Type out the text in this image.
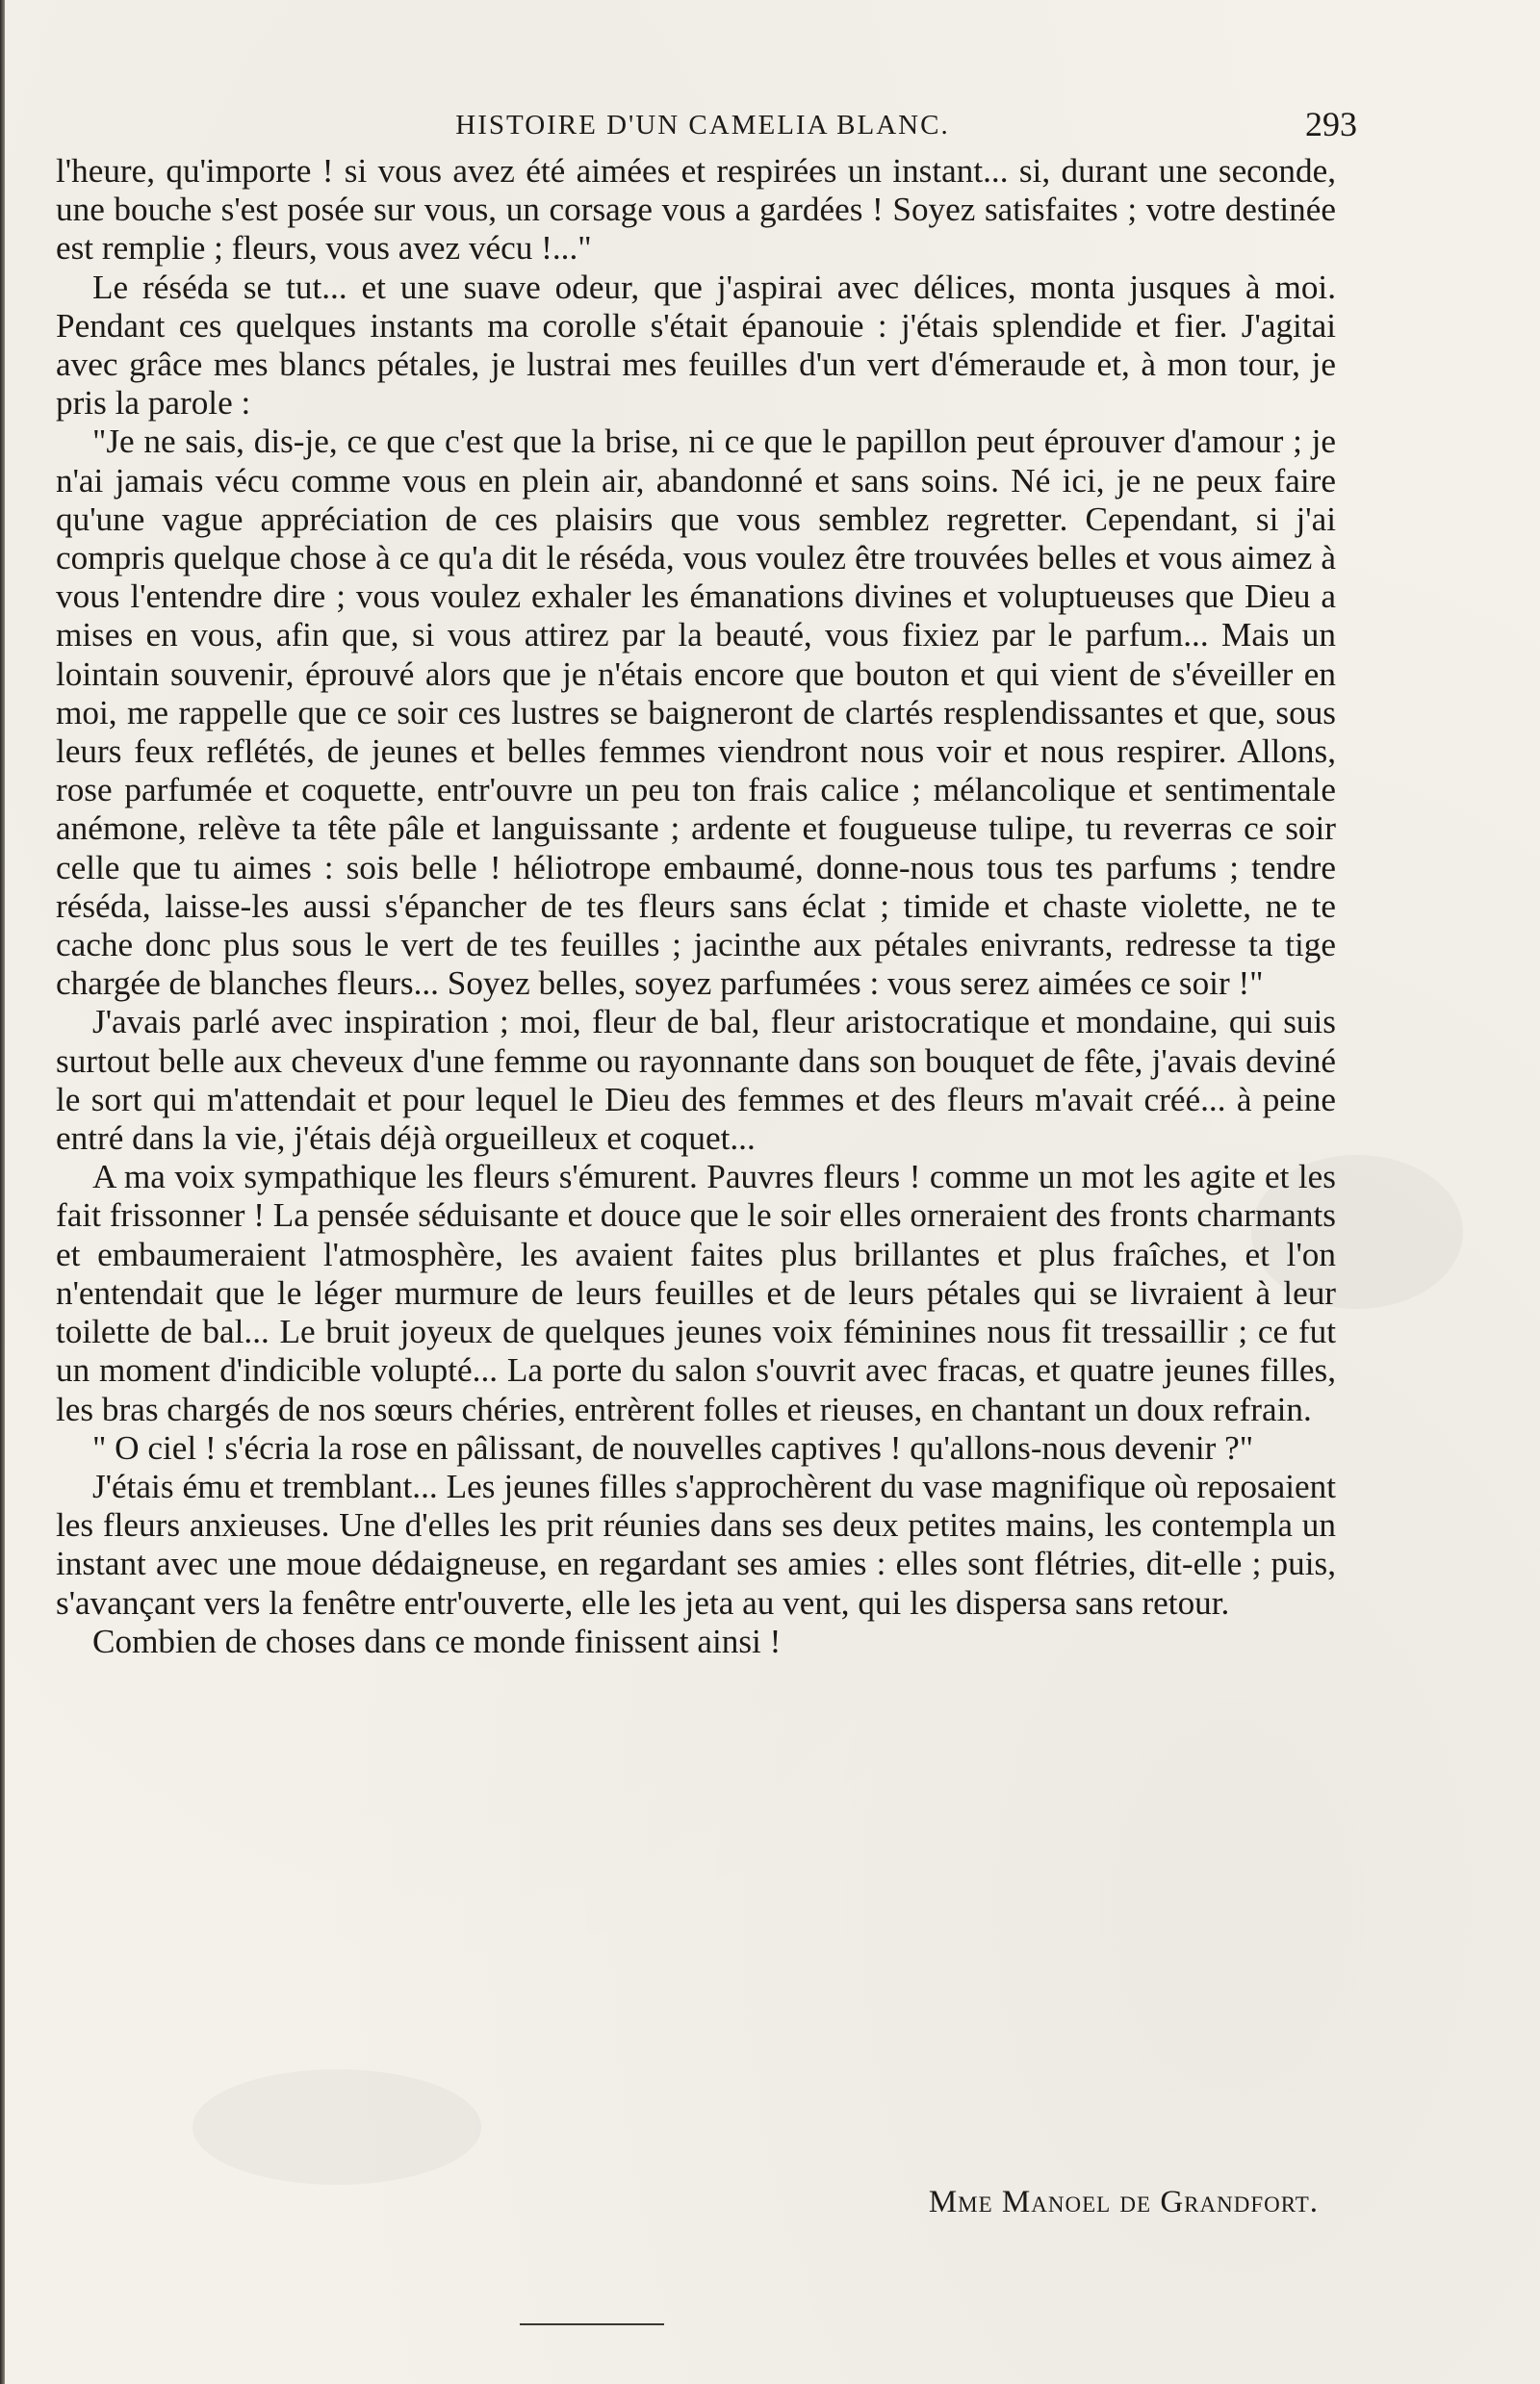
HISTOIRE D'UN CAMELIA BLANC.	293

l'heure, qu'importe ! si vous avez été aimées et respirées un instant... si, durant une seconde, une bouche s'est posée sur vous, un corsage vous a gardées ! Soyez satisfaites ; votre destinée est remplie ; fleurs, vous avez vécu !..."

Le réséda se tut... et une suave odeur, que j'aspirai avec délices, monta jusques à moi. Pendant ces quelques instants ma corolle s'était épanouie : j'étais splendide et fier. J'agitai avec grâce mes blancs pétales, je lustrai mes feuilles d'un vert d'émeraude et, à mon tour, je pris la parole :

"Je ne sais, dis-je, ce que c'est que la brise, ni ce que le papillon peut éprouver d'amour ; je n'ai jamais vécu comme vous en plein air, abandonné et sans soins. Né ici, je ne peux faire qu'une vague appréciation de ces plaisirs que vous semblez regretter. Cependant, si j'ai compris quelque chose à ce qu'a dit le réséda, vous voulez être trouvées belles et vous aimez à vous l'entendre dire ; vous voulez exhaler les émanations divines et voluptueuses que Dieu a mises en vous, afin que, si vous attirez par la beauté, vous fixiez par le parfum... Mais un lointain souvenir, éprouvé alors que je n'étais encore que bouton et qui vient de s'éveiller en moi, me rappelle que ce soir ces lustres se baigneront de clartés resplendissantes et que, sous leurs feux reflétés, de jeunes et belles femmes viendront nous voir et nous respirer. Allons, rose parfumée et coquette, entr'ouvre un peu ton frais calice ; mélancolique et sentimentale anémone, relève ta tête pâle et languissante ; ardente et fougueuse tulipe, tu reverras ce soir celle que tu aimes : sois belle ! héliotrope embaumé, donne-nous tous tes parfums ; tendre réséda, laisse-les aussi s'épancher de tes fleurs sans éclat ; timide et chaste violette, ne te cache donc plus sous le vert de tes feuilles ; jacinthe aux pétales enivrants, redresse ta tige chargée de blanches fleurs... Soyez belles, soyez parfumées : vous serez aimées ce soir !"

J'avais parlé avec inspiration ; moi, fleur de bal, fleur aristocratique et mondaine, qui suis surtout belle aux cheveux d'une femme ou rayonnante dans son bouquet de fête, j'avais deviné le sort qui m'attendait et pour lequel le Dieu des femmes et des fleurs m'avait créé... à peine entré dans la vie, j'étais déjà orgueilleux et coquet...

A ma voix sympathique les fleurs s'émurent. Pauvres fleurs ! comme un mot les agite et les fait frissonner ! La pensée séduisante et douce que le soir elles orneraient des fronts charmants et embaumeraient l'atmosphère, les avaient faites plus brillantes et plus fraîches, et l'on n'entendait que le léger murmure de leurs feuilles et de leurs pétales qui se livraient à leur toilette de bal... Le bruit joyeux de quelques jeunes voix féminines nous fit tressaillir ; ce fut un moment d'indicible volupté... La porte du salon s'ouvrit avec fracas, et quatre jeunes filles, les bras chargés de nos sœurs chéries, entrèrent folles et rieuses, en chantant un doux refrain.

" O ciel ! s'écria la rose en pâlissant, de nouvelles captives ! qu'allons-nous devenir ?"

J'étais ému et tremblant... Les jeunes filles s'approchèrent du vase magnifique où reposaient les fleurs anxieuses. Une d'elles les prit réunies dans ses deux petites mains, les contempla un instant avec une moue dédaigneuse, en regardant ses amies : elles sont flétries, dit-elle ; puis, s'avançant vers la fenêtre entr'ouverte, elle les jeta au vent, qui les dispersa sans retour.

Combien de choses dans ce monde finissent ainsi !

Mme Manoel de Grandfort.
